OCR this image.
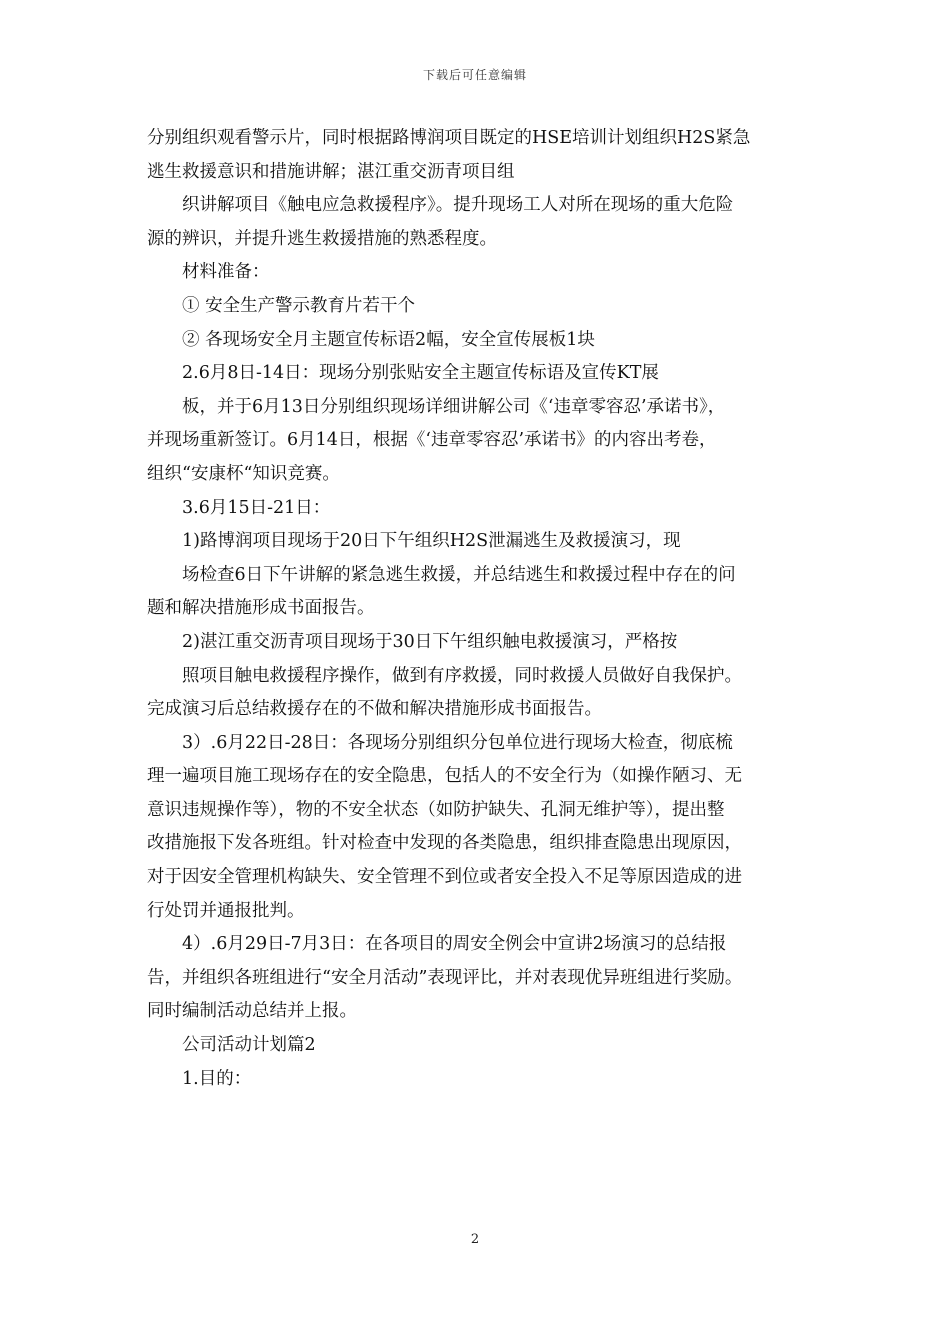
下载后可任意编辑
分别组织观看警示片，同时根据路博润项目既定的HSE培训计划组织H2S紧急
逃生救援意识和措施讲解；湛江重交沥青项目组
织讲解项目《触电应急救援程序》。提升现场工人对所在现场的重大危险
源的辨识，并提升逃生救援措施的熟悉程度。
材料准备：
① 安全生产警示教育片若干个
② 各现场安全月主题宣传标语2幅，安全宣传展板1块
2.6月8日-14日：现场分别张贴安全主题宣传标语及宣传KT展
板，并于6月13日分别组织现场详细讲解公司《‘违章零容忍’承诺书》，
并现场重新签订。6月14日，根据《‘违章零容忍’承诺书》的内容出考卷，
组织“安康杯“知识竞赛。
3.6月15日-21日：
1)路博润项目现场于20日下午组织H2S泄漏逃生及救援演习，现
场检查6日下午讲解的紧急逃生救援，并总结逃生和救援过程中存在的问
题和解决措施形成书面报告。
2)湛江重交沥青项目现场于30日下午组织触电救援演习，严格按
照项目触电救援程序操作，做到有序救援，同时救援人员做好自我保护。
完成演习后总结救援存在的不做和解决措施形成书面报告。
3）.6月22日-28日：各现场分别组织分包单位进行现场大检查，彻底梳
理一遍项目施工现场存在的安全隐患，包括人的不安全行为（如操作陋习、无
意识违规操作等），物的不安全状态（如防护缺失、孔洞无维护等），提出整
改措施报下发各班组。针对检查中发现的各类隐患，组织排查隐患出现原因，
对于因安全管理机构缺失、安全管理不到位或者安全投入不足等原因造成的进
行处罚并通报批判。
4）.6月29日-7月3日：在各项目的周安全例会中宣讲2场演习的总结报
告，并组织各班组进行“安全月活动”表现评比，并对表现优异班组进行奖励。
同时编制活动总结并上报。
公司活动计划篇2
1.目的：
2
